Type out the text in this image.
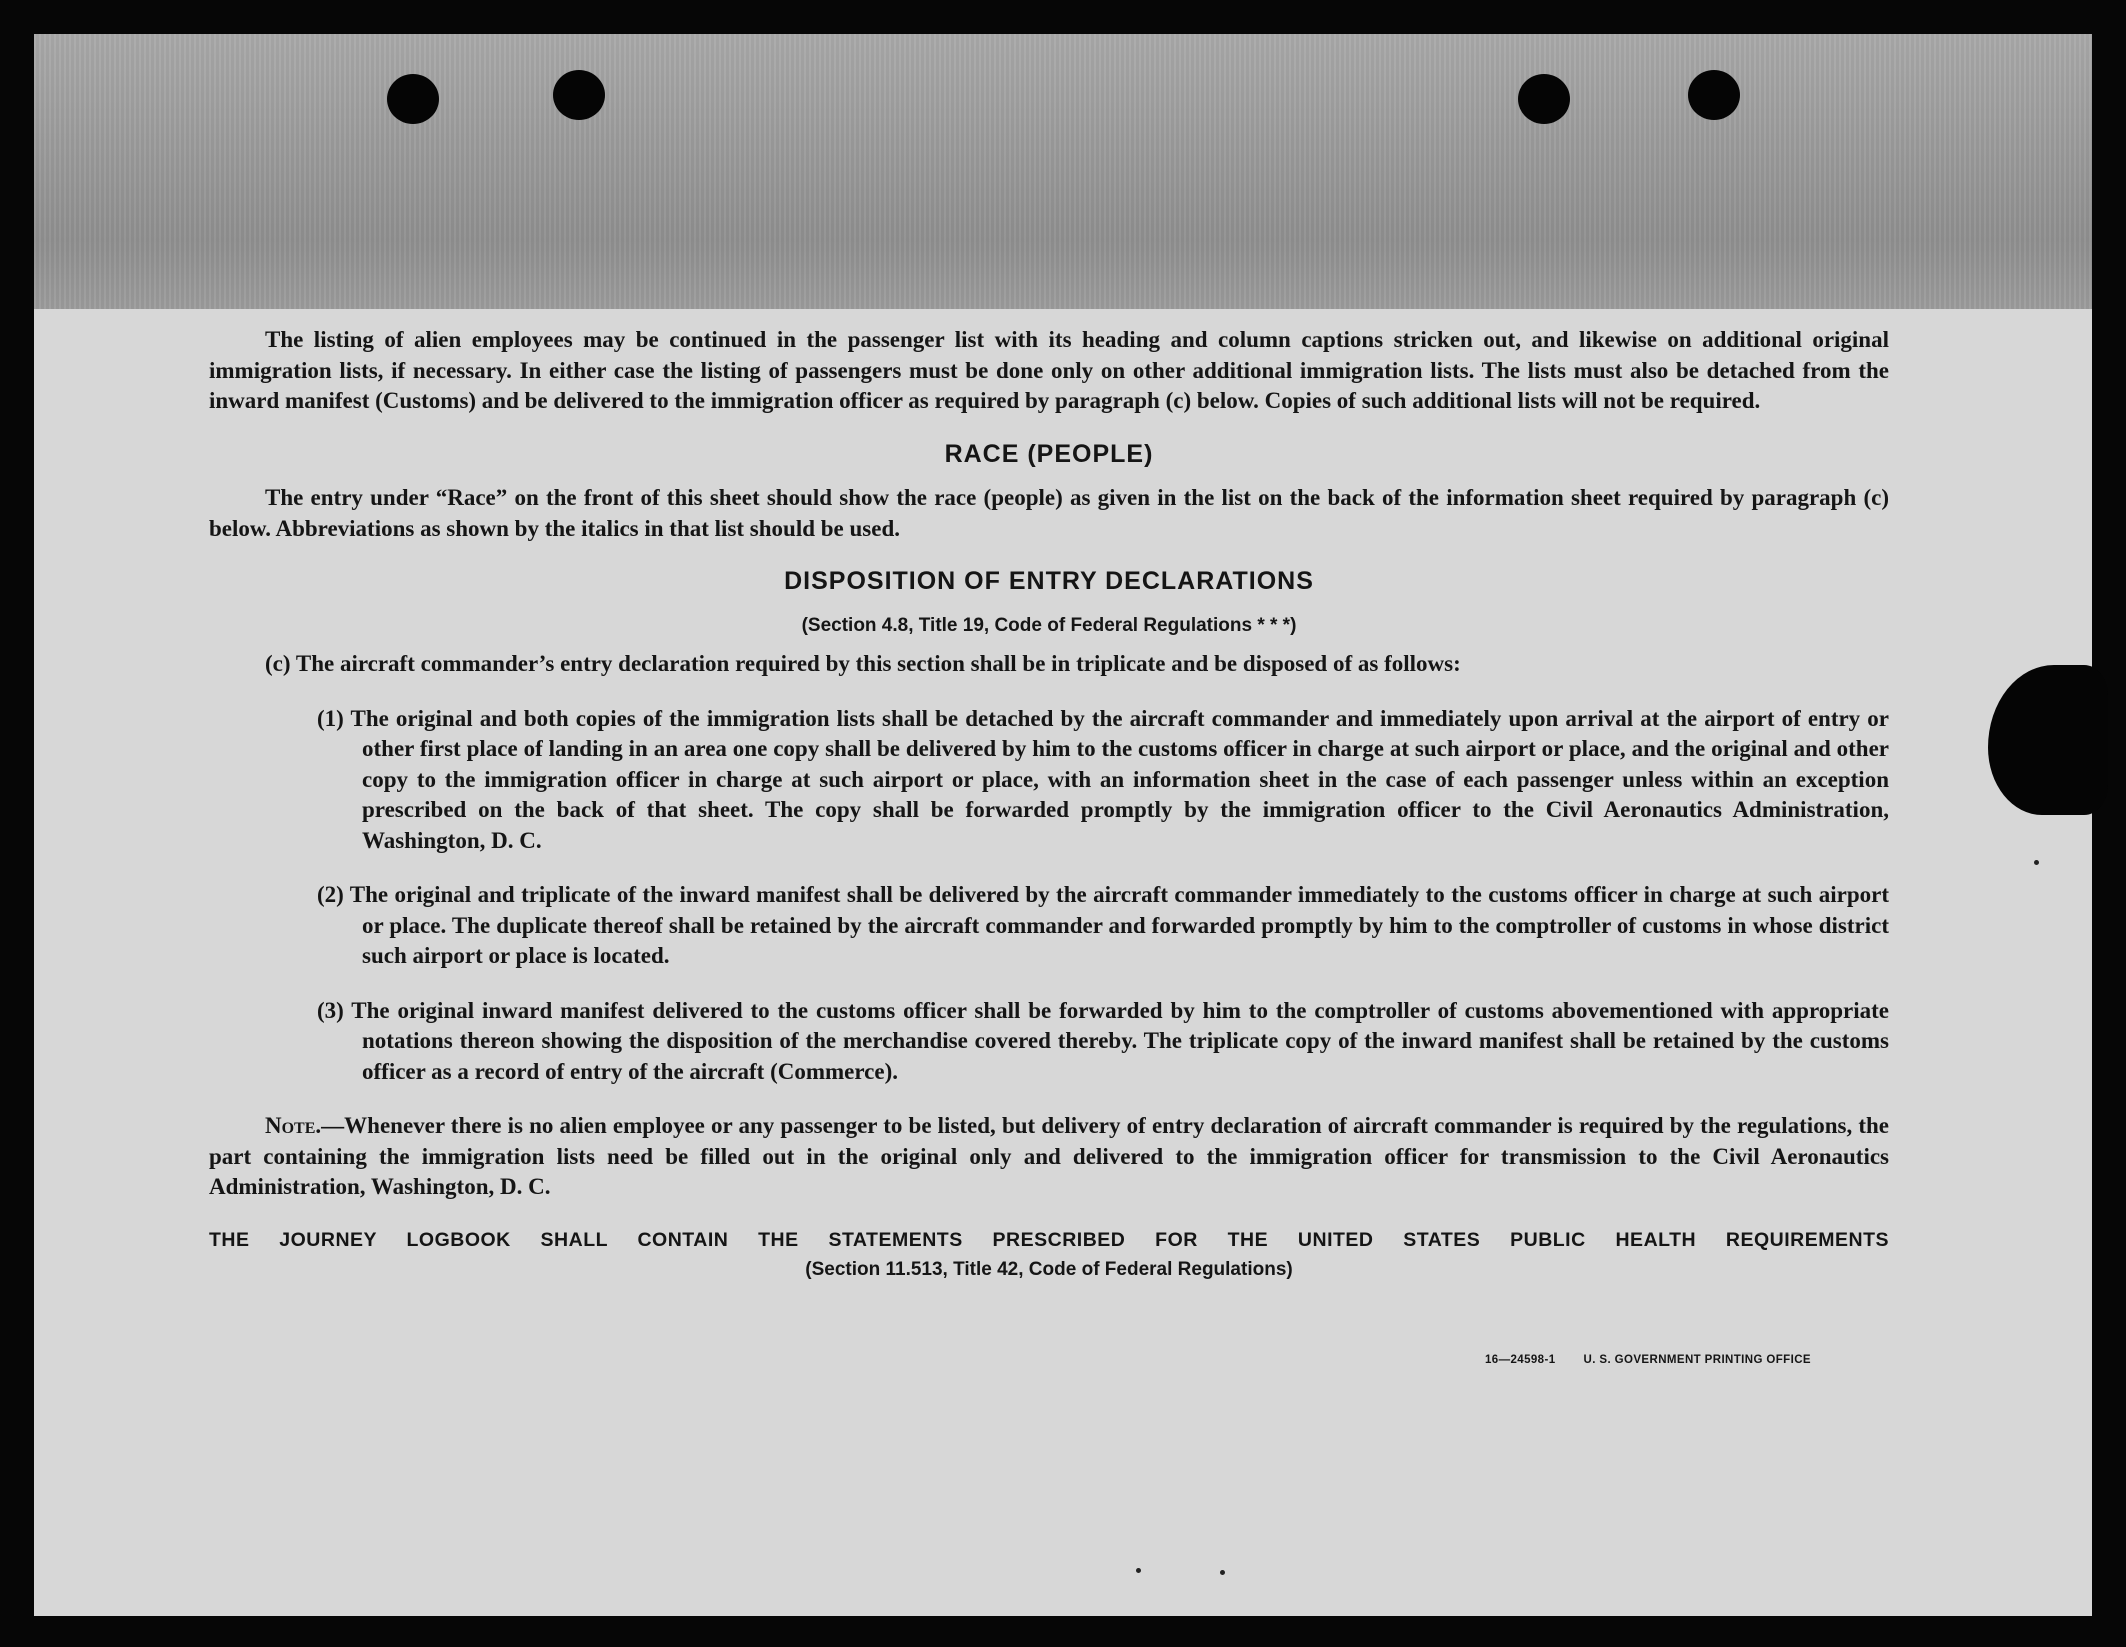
The listing of alien employees may be continued in the passenger list with its heading and column captions stricken out, and likewise on additional original immigration lists, if necessary. In either case the listing of passengers must be done only on other additional immigration lists. The lists must also be detached from the inward manifest (Customs) and be delivered to the immigration officer as required by paragraph (c) below. Copies of such additional lists will not be required.

RACE (PEOPLE)

The entry under “Race” on the front of this sheet should show the race (people) as given in the list on the back of the information sheet required by paragraph (c) below. Abbreviations as shown by the italics in that list should be used.

DISPOSITION OF ENTRY DECLARATIONS

(Section 4.8, Title 19, Code of Federal Regulations * * *)

(c) The aircraft commander’s entry declaration required by this section shall be in triplicate and be disposed of as follows:

(1) The original and both copies of the immigration lists shall be detached by the aircraft commander and immediately upon arrival at the airport of entry or other first place of landing in an area one copy shall be delivered by him to the customs officer in charge at such airport or place, and the original and other copy to the immigration officer in charge at such airport or place, with an information sheet in the case of each passenger unless within an exception prescribed on the back of that sheet. The copy shall be forwarded promptly by the immigration officer to the Civil Aeronautics Administration, Washington, D. C.

(2) The original and triplicate of the inward manifest shall be delivered by the aircraft commander immediately to the customs officer in charge at such airport or place. The duplicate thereof shall be retained by the aircraft commander and forwarded promptly by him to the comptroller of customs in whose district such airport or place is located.

(3) The original inward manifest delivered to the customs officer shall be forwarded by him to the comptroller of customs abovementioned with appropriate notations thereon showing the disposition of the merchandise covered thereby. The triplicate copy of the inward manifest shall be retained by the customs officer as a record of entry of the aircraft (Commerce).

Note.—Whenever there is no alien employee or any passenger to be listed, but delivery of entry declaration of aircraft commander is required by the regulations, the part containing the immigration lists need be filled out in the original only and delivered to the immigration officer for transmission to the Civil Aeronautics Administration, Washington, D. C.

THE JOURNEY LOGBOOK SHALL CONTAIN THE STATEMENTS PRESCRIBED FOR THE UNITED STATES PUBLIC HEALTH REQUIREMENTS

(Section 11.513, Title 42, Code of Federal Regulations)

16—24598-1 U. S. GOVERNMENT PRINTING OFFICE
